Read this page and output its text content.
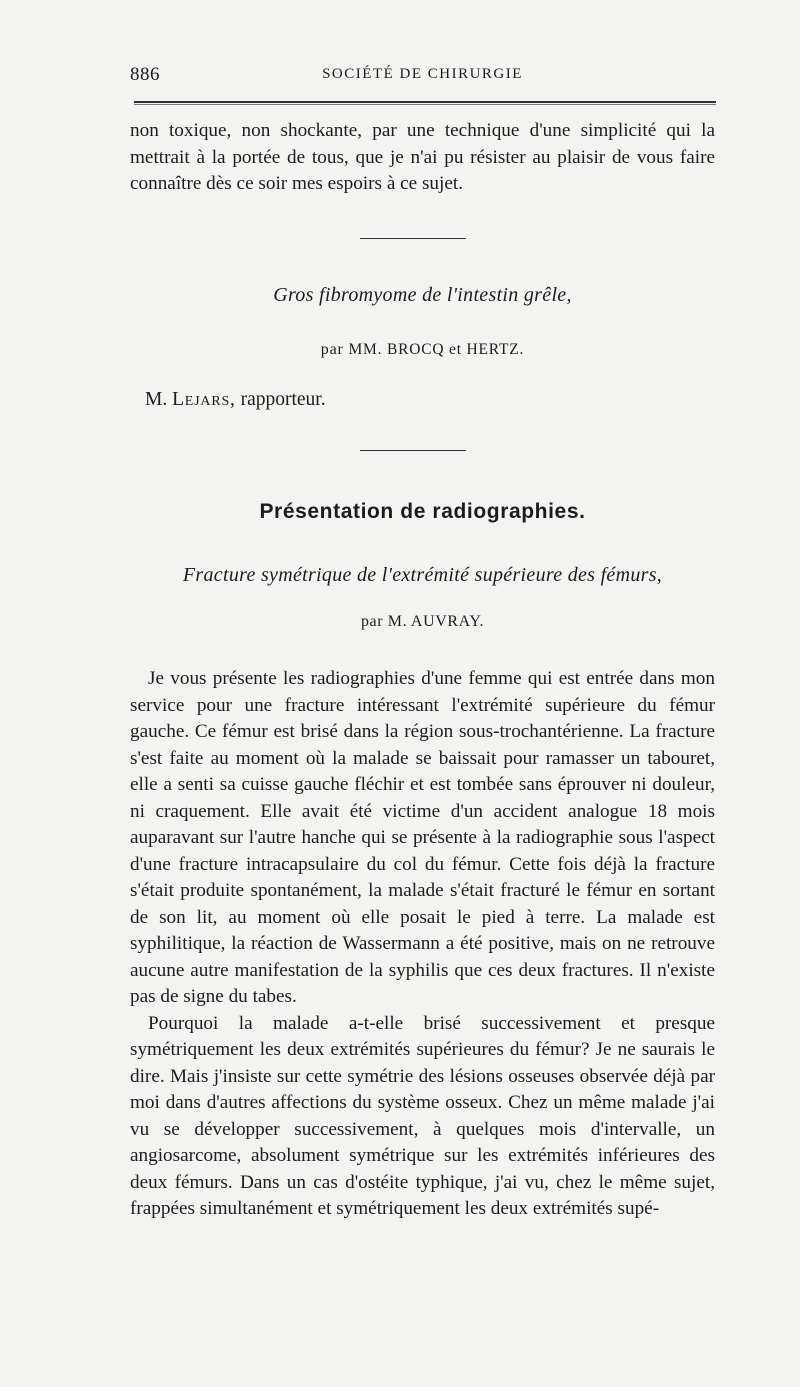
886	SOCIÉTÉ DE CHIRURGIE

non toxique, non shockante, par une technique d'une simplicité qui la mettrait à la portée de tous, que je n'ai pu résister au plaisir de vous faire connaître dès ce soir mes espoirs à ce sujet.

Gros fibromyome de l'intestin grêle,
par MM. BROCQ et HERTZ.
M. Lejars, rapporteur.
Présentation de radiographies.
Fracture symétrique de l'extrémité supérieure des fémurs,
par M. AUVRAY.

Je vous présente les radiographies d'une femme qui est entrée dans mon service pour une fracture intéressant l'extrémité supérieure du fémur gauche. Ce fémur est brisé dans la région sous-trochantérienne. La fracture s'est faite au moment où la malade se baissait pour ramasser un tabouret, elle a senti sa cuisse gauche fléchir et est tombée sans éprouver ni douleur, ni craquement. Elle avait été victime d'un accident analogue 18 mois auparavant sur l'autre hanche qui se présente à la radiographie sous l'aspect d'une fracture intracapsulaire du col du fémur. Cette fois déjà la fracture s'était produite spontanément, la malade s'était fracturé le fémur en sortant de son lit, au moment où elle posait le pied à terre. La malade est syphilitique, la réaction de Wassermann a été positive, mais on ne retrouve aucune autre manifestation de la syphilis que ces deux fractures. Il n'existe pas de signe du tabes.

Pourquoi la malade a-t-elle brisé successivement et presque symétriquement les deux extrémités supérieures du fémur? Je ne saurais le dire. Mais j'insiste sur cette symétrie des lésions osseuses observée déjà par moi dans d'autres affections du système osseux. Chez un même malade j'ai vu se développer successivement, à quelques mois d'intervalle, un angiosarcome, absolument symétrique sur les extrémités inférieures des deux fémurs. Dans un cas d'ostéite typhique, j'ai vu, chez le même sujet, frappées simultanément et symétriquement les deux extrémités supé-
